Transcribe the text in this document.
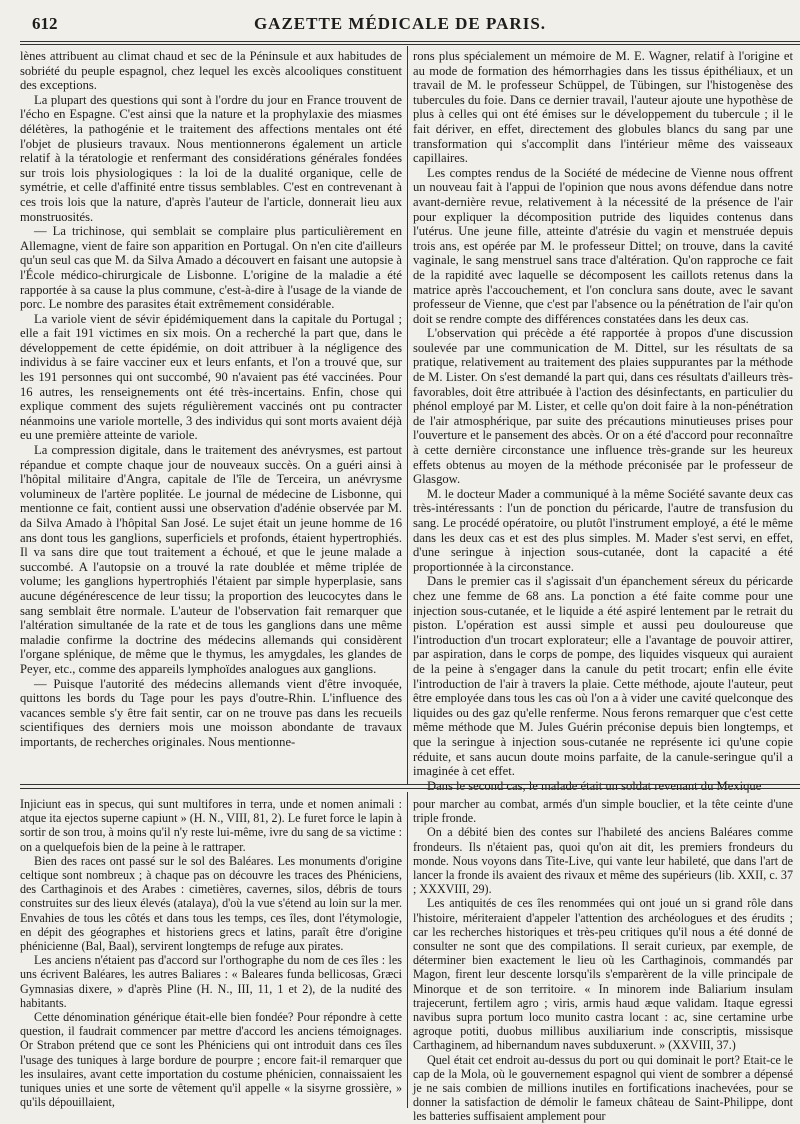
612	GAZETTE MÉDICALE DE PARIS.

lènes attribuent au climat chaud et sec de la Péninsule et aux habitudes de sobriété du peuple espagnol, chez lequel les excès alcooliques constituent des exceptions.

La plupart des questions qui sont à l'ordre du jour en France trouvent de l'écho en Espagne. C'est ainsi que la nature et la prophylaxie des miasmes délétères, la pathogénie et le traitement des affections mentales ont été l'objet de plusieurs travaux. Nous mentionnerons également un article relatif à la tératologie et renfermant des considérations générales fondées sur trois lois physiologiques : la loi de la dualité organique, celle de symétrie, et celle d'affinité entre tissus semblables. C'est en contrevenant à ces trois lois que la nature, d'après l'auteur de l'article, donnerait lieu aux monstruosités.

— La trichinose, qui semblait se complaire plus particulièrement en Allemagne, vient de faire son apparition en Portugal. On n'en cite d'ailleurs qu'un seul cas que M. da Silva Amado a découvert en faisant une autopsie à l'École médico-chirurgicale de Lisbonne. L'origine de la maladie a été rapportée à sa cause la plus commune, c'est-à-dire à l'usage de la viande de porc. Le nombre des parasites était extrêmement considérable.

La variole vient de sévir épidémiquement dans la capitale du Portugal ; elle a fait 191 victimes en six mois. On a recherché la part que, dans le développement de cette épidémie, on doit attribuer à la négligence des individus à se faire vacciner eux et leurs enfants, et l'on a trouvé que, sur les 191 personnes qui ont succombé, 90 n'avaient pas été vaccinées. Pour 16 autres, les renseignements ont été très-incertains. Enfin, chose qui explique comment des sujets régulièrement vaccinés ont pu contracter néanmoins une variole mortelle, 3 des individus qui sont morts avaient déjà eu une première atteinte de variole.

La compression digitale, dans le traitement des anévrysmes, est partout répandue et compte chaque jour de nouveaux succès. On a guéri ainsi à l'hôpital militaire d'Angra, capitale de l'île de Terceira, un anévrysme volumineux de l'artère poplitée. Le journal de médecine de Lisbonne, qui mentionne ce fait, contient aussi une observation d'adénie observée par M. da Silva Amado à l'hôpital San José. Le sujet était un jeune homme de 16 ans dont tous les ganglions, superficiels et profonds, étaient hypertrophiés. Il va sans dire que tout traitement a échoué, et que le jeune malade a succombé. A l'autopsie on a trouvé la rate doublée et même triplée de volume; les ganglions hypertrophiés l'étaient par simple hyperplasie, sans aucune dégénérescence de leur tissu; la proportion des leucocytes dans le sang semblait être normale. L'auteur de l'observation fait remarquer que l'altération simultanée de la rate et de tous les ganglions dans une même maladie confirme la doctrine des médecins allemands qui considèrent l'organe splénique, de même que le thymus, les amygdales, les glandes de Peyer, etc., comme des appareils lymphoïdes analogues aux ganglions.

— Puisque l'autorité des médecins allemands vient d'être invoquée, quittons les bords du Tage pour les pays d'outre-Rhin. L'influence des vacances semble s'y être fait sentir, car on ne trouve pas dans les recueils scientifiques des derniers mois une moisson abondante de travaux importants, de recherches originales. Nous mentionne-

rons plus spécialement un mémoire de M. E. Wagner, relatif à l'origine et au mode de formation des hémorrhagies dans les tissus épithéliaux, et un travail de M. le professeur Schüppel, de Tübingen, sur l'histogenèse des tubercules du foie. Dans ce dernier travail, l'auteur ajoute une hypothèse de plus à celles qui ont été émises sur le développement du tubercule ; il le fait dériver, en effet, directement des globules blancs du sang par une transformation qui s'accomplit dans l'intérieur même des vaisseaux capillaires.

Les comptes rendus de la Société de médecine de Vienne nous offrent un nouveau fait à l'appui de l'opinion que nous avons défendue dans notre avant-dernière revue, relativement à la nécessité de la présence de l'air pour expliquer la décomposition putride des liquides contenus dans l'utérus. Une jeune fille, atteinte d'atrésie du vagin et menstruée depuis trois ans, est opérée par M. le professeur Dittel; on trouve, dans la cavité vaginale, le sang menstruel sans trace d'altération. Qu'on rapproche ce fait de la rapidité avec laquelle se décomposent les caillots retenus dans la matrice après l'accouchement, et l'on conclura sans doute, avec le savant professeur de Vienne, que c'est par l'absence ou la pénétration de l'air qu'on doit se rendre compte des différences constatées dans les deux cas.

L'observation qui précède a été rapportée à propos d'une discussion soulevée par une communication de M. Dittel, sur les résultats de sa pratique, relativement au traitement des plaies suppurantes par la méthode de M. Lister. On s'est demandé la part qui, dans ces résultats d'ailleurs très-favorables, doit être attribuée à l'action des désinfectants, en particulier du phénol employé par M. Lister, et celle qu'on doit faire à la non-pénétration de l'air atmosphérique, par suite des précautions minutieuses prises pour l'ouverture et le pansement des abcès. Or on a été d'accord pour reconnaître à cette dernière circonstance une influence très-grande sur les heureux effets obtenus au moyen de la méthode préconisée par le professeur de Glasgow.

M. le docteur Mader a communiqué à la même Société savante deux cas très-intéressants : l'un de ponction du péricarde, l'autre de transfusion du sang. Le procédé opératoire, ou plutôt l'instrument employé, a été le même dans les deux cas et est des plus simples. M. Mader s'est servi, en effet, d'une seringue à injection sous-cutanée, dont la capacité a été proportionnée à la circonstance.

Dans le premier cas il s'agissait d'un épanchement séreux du péricarde chez une femme de 68 ans. La ponction a été faite comme pour une injection sous-cutanée, et le liquide a été aspiré lentement par le retrait du piston. L'opération est aussi simple et aussi peu douloureuse que l'introduction d'un trocart explorateur; elle a l'avantage de pouvoir attirer, par aspiration, dans le corps de pompe, des liquides visqueux qui auraient de la peine à s'engager dans la canule du petit trocart; enfin elle évite l'introduction de l'air à travers la plaie. Cette méthode, ajoute l'auteur, peut être employée dans tous les cas où l'on a à vider une cavité quelconque des liquides ou des gaz qu'elle renferme. Nous ferons remarquer que c'est cette même méthode que M. Jules Guérin préconise depuis bien longtemps, et que la seringue à injection sous-cutanée ne représente ici qu'une copie réduite, et sans aucun doute moins parfaite, de la canule-seringue qu'il a imaginée à cet effet.

Dans le second cas, le malade était un soldat revenant du Mexique

Injiciunt eas in specus, qui sunt multifores in terra, unde et nomen animali : atque ita ejectos superne capiunt » (H. N., VIII, 81, 2). Le furet force le lapin à sortir de son trou, à moins qu'il n'y reste lui-même, ivre du sang de sa victime : on a quelquefois bien de la peine à le rattraper.

Bien des races ont passé sur le sol des Baléares. Les monuments d'origine celtique sont nombreux ; à chaque pas on découvre les traces des Phéniciens, des Carthaginois et des Arabes : cimetières, cavernes, silos, débris de tours construites sur des lieux élevés (atalaya), d'où la vue s'étend au loin sur la mer. Envahies de tous les côtés et dans tous les temps, ces îles, dont l'étymologie, en dépit des géographes et historiens grecs et latins, paraît être d'origine phénicienne (Bal, Baal), servirent longtemps de refuge aux pirates.

Les anciens n'étaient pas d'accord sur l'orthographe du nom de ces îles : les uns écrivent Baléares, les autres Baliares : « Baleares funda bellicosas, Græci Gymnasias dixere, » d'après Pline (H. N., III, 11, 1 et 2), de la nudité des habitants.

Cette dénomination générique était-elle bien fondée? Pour répondre à cette question, il faudrait commencer par mettre d'accord les anciens témoignages. Or Strabon prétend que ce sont les Phéniciens qui ont introduit dans ces îles l'usage des tuniques à large bordure de pourpre ; encore fait-il remarquer que les insulaires, avant cette importation du costume phénicien, connaissaient les tuniques unies et une sorte de vêtement qu'il appelle « la sisyrne grossière, » qu'ils dépouillaient,

pour marcher au combat, armés d'un simple bouclier, et la tête ceinte d'une triple fronde.

On a débité bien des contes sur l'habileté des anciens Baléares comme frondeurs. Ils n'étaient pas, quoi qu'on ait dit, les premiers frondeurs du monde. Nous voyons dans Tite-Live, qui vante leur habileté, que dans l'art de lancer la fronde ils avaient des rivaux et même des supérieurs (lib. XXII, c. 37 ; XXXVIII, 29).

Les antiquités de ces îles renommées qui ont joué un si grand rôle dans l'histoire, mériteraient d'appeler l'attention des archéologues et des érudits ; car les recherches historiques et très-peu critiques qu'il nous a été donné de consulter ne sont que des compilations. Il serait curieux, par exemple, de déterminer bien exactement le lieu où les Carthaginois, commandés par Magon, firent leur descente lorsqu'ils s'emparèrent de la ville principale de Minorque et de son territoire. « In minorem inde Baliarium insulam trajecerunt, fertilem agro ; viris, armis haud æque validam. Itaque egressi navibus supra portum loco munito castra locant : ac, sine certamine urbe agroque potiti, duobus millibus auxiliarium inde conscriptis, missisque Carthaginem, ad hibernandum naves subduxerunt. » (XXVIII, 37.)

Quel était cet endroit au-dessus du port ou qui dominait le port? Etait-ce le cap de la Mola, où le gouvernement espagnol qui vient de sombrer a dépensé je ne sais combien de millions inutiles en fortifications inachevées, pour se donner la satisfaction de démolir le fameux château de Saint-Philippe, dont les batteries suffisaient amplement pour
